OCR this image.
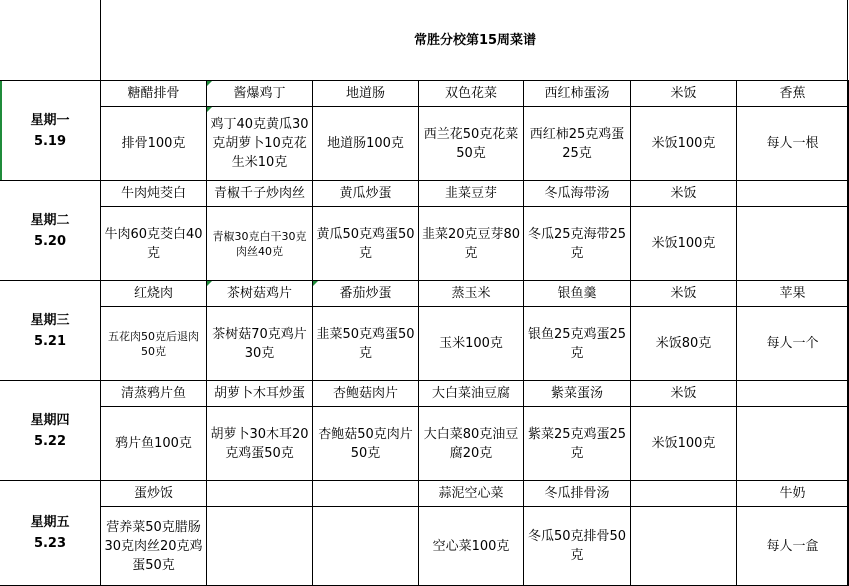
常胜分校第15周菜谱
星期一
5.19
糖醋排骨
排骨100克
酱爆鸡丁
鸡丁40克黄瓜30克胡萝卜10克花生米10克
地道肠
地道肠100克
双色花菜
西兰花50克花菜50克
西红柿蛋汤
西红柿25克鸡蛋25克
米饭
米饭100克
香蕉
每人一根
星期二
5.20
牛肉炖茭白
牛肉60克茭白40克
青椒千子炒肉丝
青椒30克白干30克肉丝40克
黄瓜炒蛋
黄瓜50克鸡蛋50克
韭菜豆芽
韭菜20克豆芽80克
冬瓜海带汤
冬瓜25克海带25克
米饭
米饭100克
星期三
5.21
红烧肉
五花肉50克后退肉50克
茶树菇鸡片
茶树菇70克鸡片30克
番茄炒蛋
韭菜50克鸡蛋50克
蒸玉米
玉米100克
银鱼羹
银鱼25克鸡蛋25克
米饭
米饭80克
苹果
每人一个
星期四
5.22
清蒸鸦片鱼
鸦片鱼100克
胡萝卜木耳炒蛋
胡萝卜30木耳20克鸡蛋50克
杏鲍菇肉片
杏鲍菇50克肉片50克
大白菜油豆腐
大白菜80克油豆腐20克
紫菜蛋汤
紫菜25克鸡蛋25克
米饭
米饭100克
星期五
5.23
蛋炒饭
营养菜50克腊肠30克肉丝20克鸡蛋50克
蒜泥空心菜
空心菜100克
冬瓜排骨汤
冬瓜50克排骨50克
牛奶
每人一盒
